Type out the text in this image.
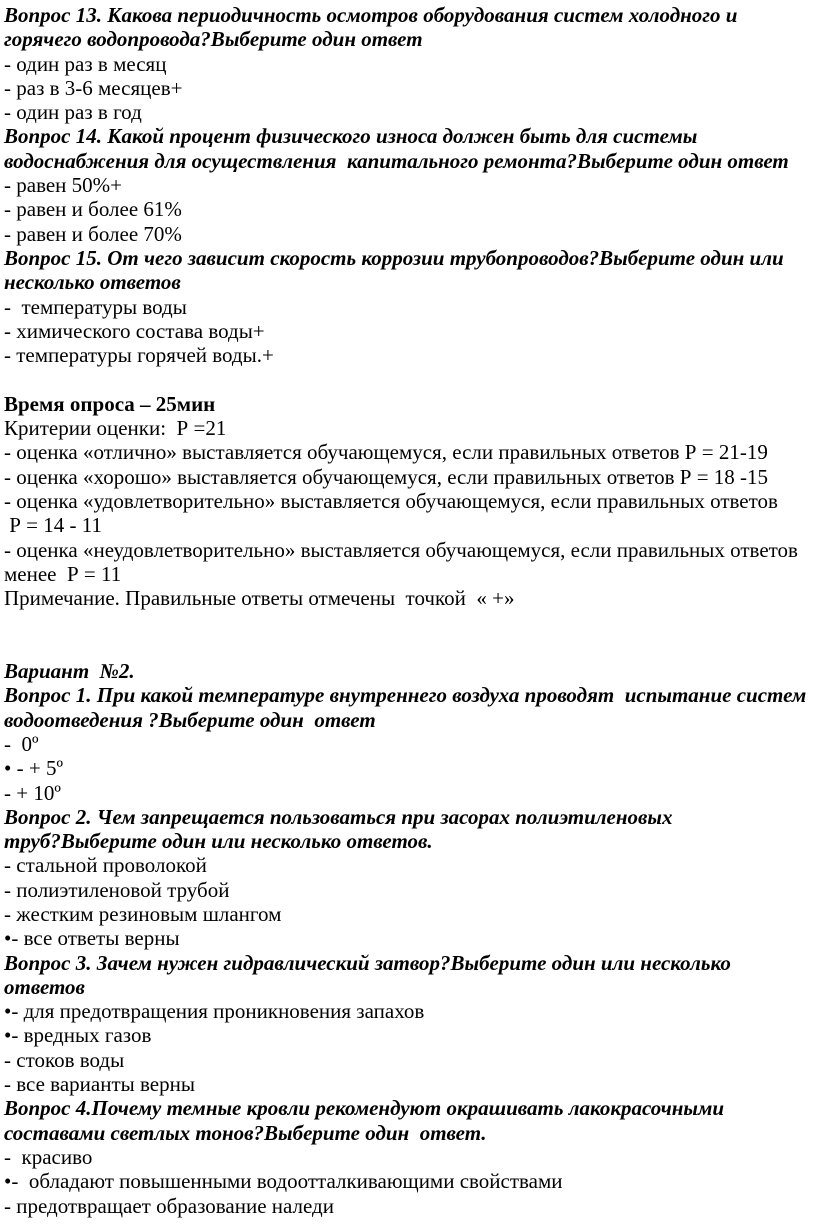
Вопрос 13. Какова периодичность осмотров оборудования систем холодного и
горячего водопровода?Выберите один ответ
- один раз в месяц
- раз в 3-6 месяцев+
- один раз в год
Вопрос 14. Какой процент физического износа должен быть для системы
водоснабжения для осуществления  капитального ремонта?Выберите один ответ
- равен 50%+
- равен и более 61%
- равен и более 70%
Вопрос 15. От чего зависит скорость коррозии трубопроводов?Выберите один или
несколько ответов
-  температуры воды
- химического состава воды+
- температуры горячей воды.+
Время опроса – 25мин
Критерии оценки:  Р =21
- оценка «отлично» выставляется обучающемуся, если правильных ответов Р = 21-19
- оценка «хорошо» выставляется обучающемуся, если правильных ответов Р = 18 -15
- оценка «удовлетворительно» выставляется обучающемуся, если правильных ответов
Р = 14 - 11
- оценка «неудовлетворительно» выставляется обучающемуся, если правильных ответов
менее  Р = 11
Примечание. Правильные ответы отмечены  точкой  « +»
Вариант  №2.
Вопрос 1. При какой температуре внутреннего воздуха проводят  испытание систем
водоотведения ?Выберите один  ответ
-  0º
• - + 5º
- + 10º
Вопрос 2. Чем запрещается пользоваться при засорах полиэтиленовых
труб?Выберите один или несколько ответов.
- стальной проволокой
- полиэтиленовой трубой
- жестким резиновым шлангом
•- все ответы верны
Вопрос 3. Зачем нужен гидравлический затвор?Выберите один или несколько
ответов
•- для предотвращения проникновения запахов
•- вредных газов
- стоков воды
- все варианты верны
Вопрос 4.Почему темные кровли рекомендуют окрашивать лакокрасочными
составами светлых тонов?Выберите один  ответ.
-  красиво
•-  обладают повышенными водоотталкивающими свойствами
- предотвращает образование наледи
